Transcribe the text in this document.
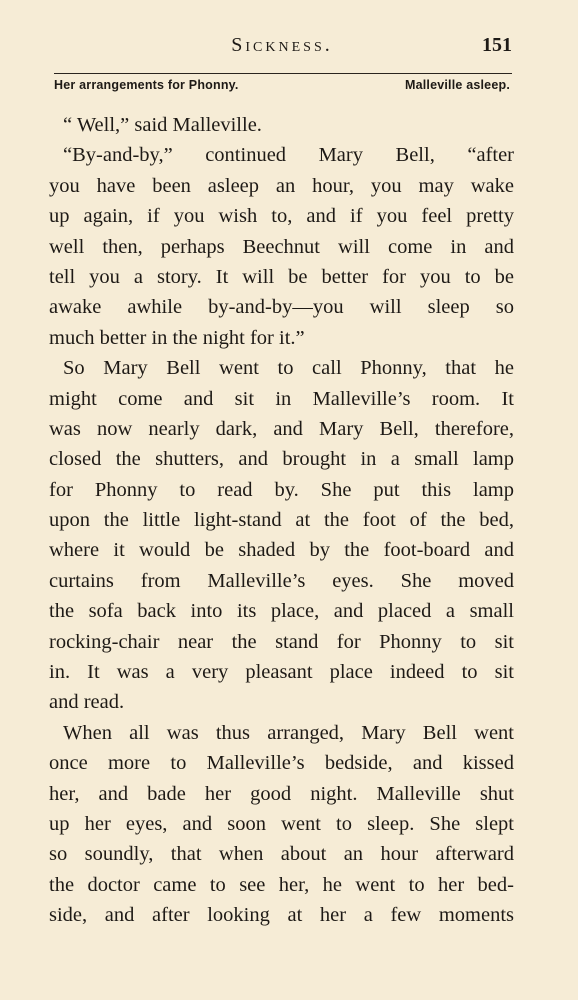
Sickness.	151
Her arrangements for Phonny.	Malleville asleep.
“ Well,” said Malleville.
“By-and-by,” continued Mary Bell, “after
you have been asleep an hour, you may wake
up again, if you wish to, and if you feel pretty
well then, perhaps Beechnut will come in and
tell you a story. It will be better for you to be
awake awhile by-and-by—you will sleep so
much better in the night for it.”
So Mary Bell went to call Phonny, that he
might come and sit in Malleville’s room. It
was now nearly dark, and Mary Bell, therefore,
closed the shutters, and brought in a small lamp
for Phonny to read by. She put this lamp
upon the little light-stand at the foot of the bed,
where it would be shaded by the foot-board and
curtains from Malleville’s eyes. She moved
the sofa back into its place, and placed a small
rocking-chair near the stand for Phonny to sit
in. It was a very pleasant place indeed to sit
and read.
When all was thus arranged, Mary Bell went
once more to Malleville’s bedside, and kissed
her, and bade her good night. Malleville shut
up her eyes, and soon went to sleep. She slept
so soundly, that when about an hour afterward
the doctor came to see her, he went to her bed-
side, and after looking at her a few moments
